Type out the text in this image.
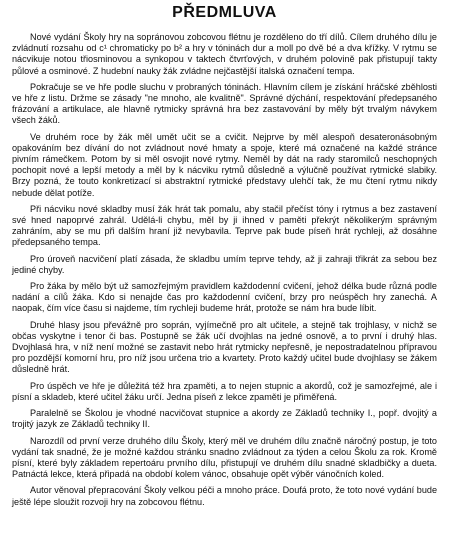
PŘEDMLUVA

Nové vydání Školy hry na sopránovou zobcovou flétnu je rozděleno do tří dílů. Cílem druhého dílu je zvládnutí rozsahu od c¹ chromaticky po b² a hry v tóninách dur a moll po dvě bé a dva křížky. V rytmu se nácvikuje notou třiosminovou a synkopou v taktech čtvrťových, v druhém polovině pak přistupují takty půlové a osminové. Z hudební nauky žák zvládne nejčastější italská označení tempa.

Pokračuje se ve hře podle sluchu v probraných tóninách. Hlavním cílem je získání hráčské zběhlosti ve hře z listu. Držme se zásady "ne mnoho, ale kvalitně". Správné dýchání, respektování předepsaného frázování a artikulace, ale hlavně rytmicky správná hra bez zastavování by měly být trvalým návykem všech žáků.

Ve druhém roce by žák měl umět učit se a cvičit. Nejprve by měl alespoň desateronásobným opakováním bez dívání do not zvládnout nové hmaty a spoje, které má označené na každé stránce pivním rámečkem. Potom by si měl osvojit nové rytmy. Neměl by dát na rady staromilců neschopných pochopit nové a lepší metody a měl by k nácviku rytmů důsledně a výlučně používat rytmické slabiky. Brzy pozná, že touto konkretizací si abstraktní rytmické představy ulehčí tak, že mu čtení rytmu nikdy nebude dělat potíže.

Při nácviku nové skladby musí žák hrát tak pomalu, aby stačil přečíst tóny i rytmus a bez zastavení své hned napoprvé zahrál. Udělá-li chybu, měl by ji ihned v paměti překrýt několikerým správným zahráním, aby se mu při dalším hraní již nevybavila. Teprve pak bude píseň hrát rychleji, až dosáhne předepsaného tempa.

Pro úroveň nacvičení platí zásada, že skladbu umím teprve tehdy, až ji zahraji třikrát za sebou bez jediné chyby.

Pro žáka by mělo být už samozřejmým pravidlem každodenní cvičení, jehož délka bude různá podle nadání a cílů žáka. Kdo si nenajde čas pro každodenní cvičení, brzy pro neúspěch hry zanechá. A naopak, čím více času si najdeme, tím rychleji budeme hrát, protože se nám hra bude líbit.

Druhé hlasy jsou převážně pro soprán, vyjímečně pro alt učitele, a stejně tak trojhlasy, v nichž se občas vyskytne i tenor či bas. Postupně se žák učí dvojhlas na jedné osnově, a to první i druhý hlas. Dvojhlasá hra, v níž není možné se zastavit nebo hrát rytmicky nepřesně, je nepostradatelnou přípravou pro pozdější komorní hru, pro níž jsou určena trio a kvartety. Proto každý učitel bude dvojhlasy se žákem důsledně hrát.

Pro úspěch ve hře je důležitá též hra zpaměti, a to nejen stupnic a akordů, což je samozřejmé, ale i písní a skladeb, které učitel žáku určí. Jedna píseň z lekce zpaměti je přiměřená.

Paralelně se Školou je vhodné nacvičovat stupnice a akordy ze Základů techniky I., popř. dvojitý a trojitý jazyk ze Základů techniky II.

Narozdíl od první verze druhého dílu Školy, který měl ve druhém dílu značně náročný postup, je toto vydání tak snadné, že je možné každou stránku snadno zvládnout za týden a celou Školu za rok. Kromě písní, které byly základem repertoáru prvního dílu, přistupují ve druhém dílu snadné skladbičky a dueta. Patnáctá lekce, která připadá na období kolem vánoc, obsahuje opět výběr vánočních koled.

Autor věnoval přepracování Školy velkou péči a mnoho práce. Doufá proto, že toto nové vydání bude ještě lépe sloužit rozvoji hry na zobcovou flétnu.
